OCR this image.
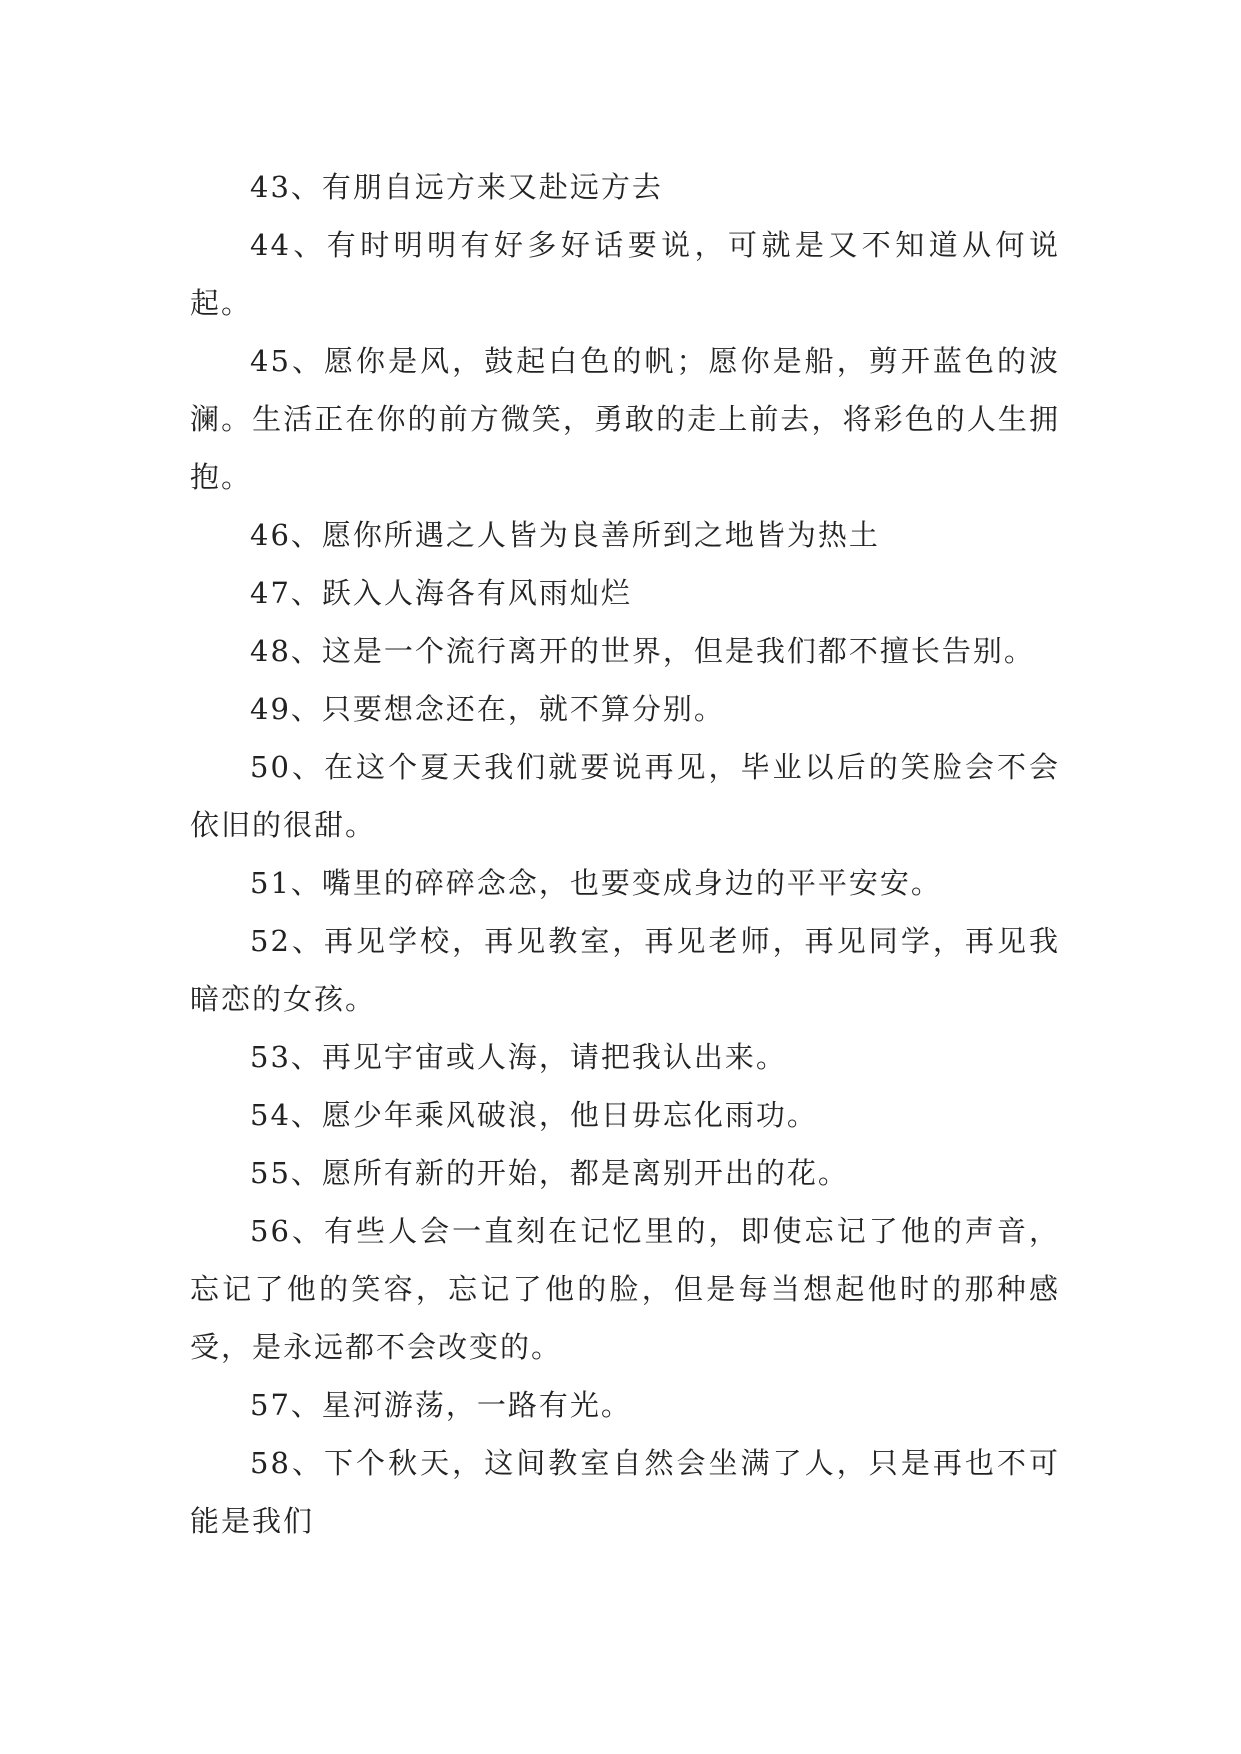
43、有朋自远方来又赴远方去

44、有时明明有好多好话要说，可就是又不知道从何说起。

45、愿你是风，鼓起白色的帆；愿你是船，剪开蓝色的波澜。生活正在你的前方微笑，勇敢的走上前去，将彩色的人生拥抱。

46、愿你所遇之人皆为良善所到之地皆为热土

47、跃入人海各有风雨灿烂

48、这是一个流行离开的世界，但是我们都不擅长告别。

49、只要想念还在，就不算分别。

50、在这个夏天我们就要说再见，毕业以后的笑脸会不会依旧的很甜。

51、嘴里的碎碎念念，也要变成身边的平平安安。

52、再见学校，再见教室，再见老师，再见同学，再见我暗恋的女孩。

53、再见宇宙或人海，请把我认出来。

54、愿少年乘风破浪，他日毋忘化雨功。

55、愿所有新的开始，都是离别开出的花。

56、有些人会一直刻在记忆里的，即使忘记了他的声音，忘记了他的笑容，忘记了他的脸，但是每当想起他时的那种感受，是永远都不会改变的。

57、星河游荡，一路有光。

58、下个秋天，这间教室自然会坐满了人，只是再也不可能是我们
